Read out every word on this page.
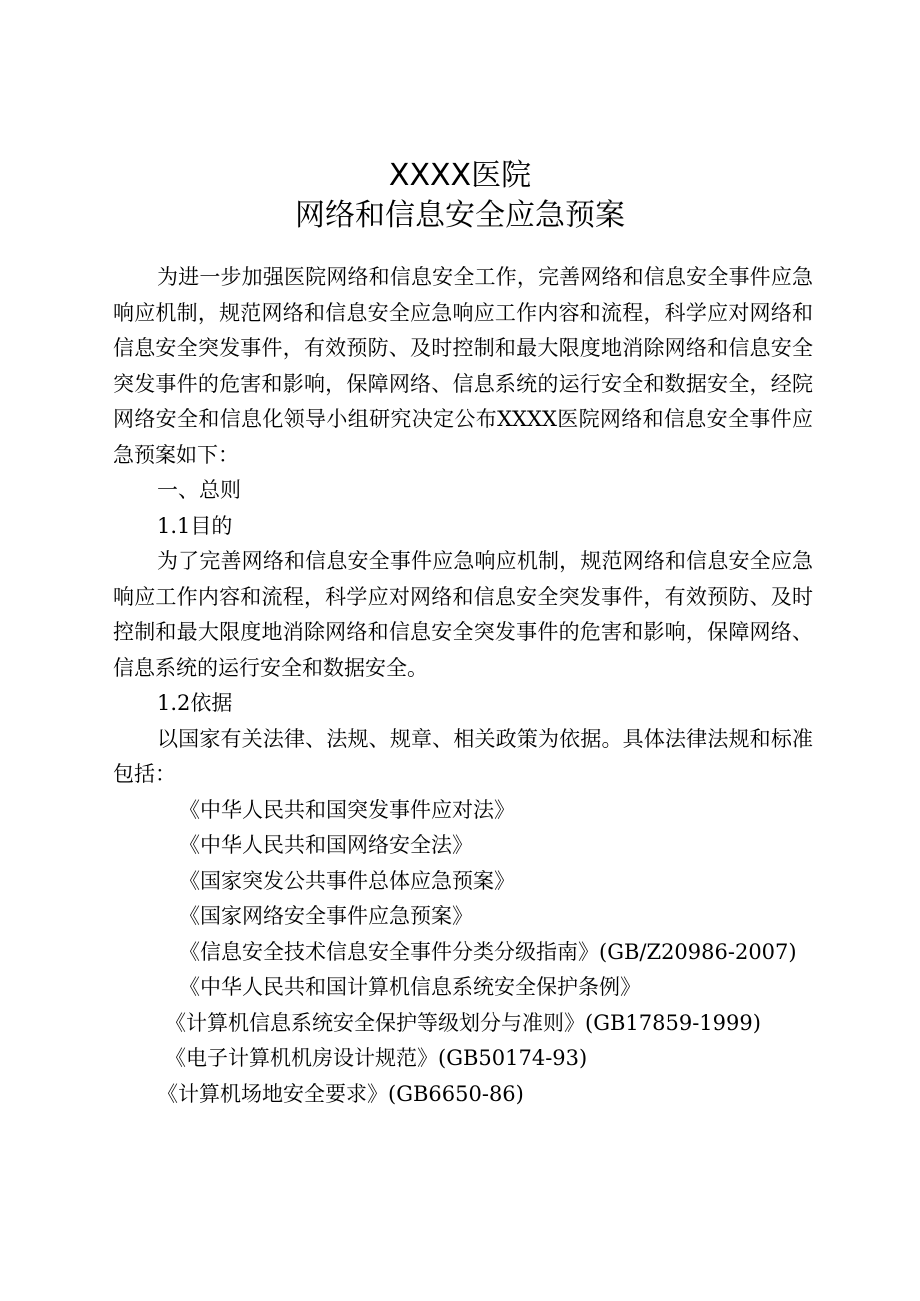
XXXX医院
网络和信息安全应急预案

为进一步加强医院网络和信息安全工作，完善网络和信息安全事件应急响应机制，规范网络和信息安全应急响应工作内容和流程，科学应对网络和信息安全突发事件，有效预防、及时控制和最大限度地消除网络和信息安全突发事件的危害和影响，保障网络、信息系统的运行安全和数据安全，经院网络安全和信息化领导小组研究决定公布XXXX医院网络和信息安全事件应急预案如下：

一、总则

1.1目的

为了完善网络和信息安全事件应急响应机制，规范网络和信息安全应急响应工作内容和流程，科学应对网络和信息安全突发事件，有效预防、及时控制和最大限度地消除网络和信息安全突发事件的危害和影响，保障网络、信息系统的运行安全和数据安全。

1.2依据

以国家有关法律、法规、规章、相关政策为依据。具体法律法规和标准包括：

《中华人民共和国突发事件应对法》

《中华人民共和国网络安全法》

《国家突发公共事件总体应急预案》

《国家网络安全事件应急预案》

《信息安全技术信息安全事件分类分级指南》(GB/Z20986-2007)

《中华人民共和国计算机信息系统安全保护条例》

《计算机信息系统安全保护等级划分与准则》(GB17859-1999)

《电子计算机机房设计规范》(GB50174-93)

《计算机场地安全要求》(GB6650-86)
